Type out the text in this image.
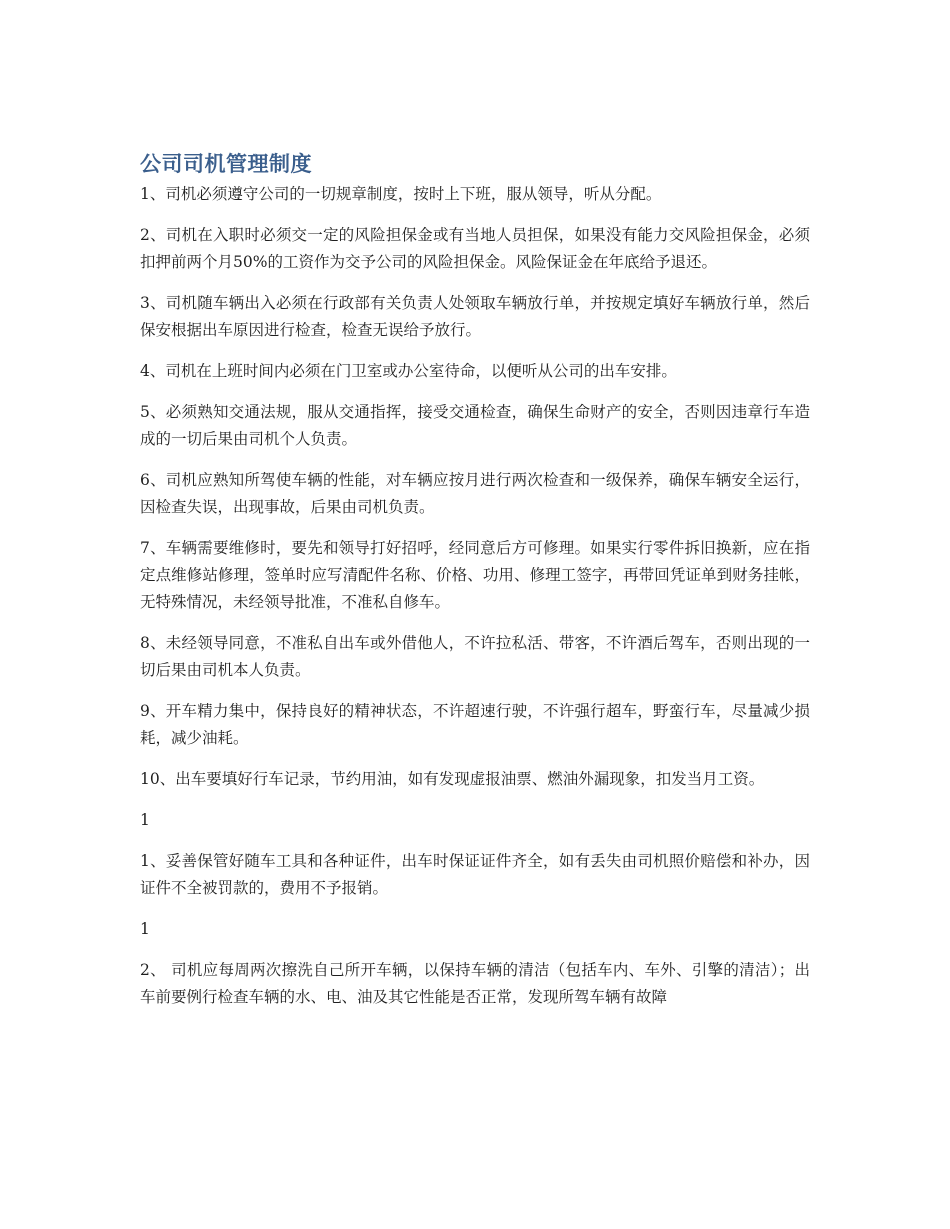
公司司机管理制度

1、司机必须遵守公司的一切规章制度，按时上下班，服从领导，听从分配。

2、司机在入职时必须交一定的风险担保金或有当地人员担保，如果没有能力交风险担保金，必须扣押前两个月50%的工资作为交予公司的风险担保金。风险保证金在年底给予退还。

3、司机随车辆出入必须在行政部有关负责人处领取车辆放行单，并按规定填好车辆放行单，然后保安根据出车原因进行检查，检查无误给予放行。

4、司机在上班时间内必须在门卫室或办公室待命，以便听从公司的出车安排。

5、必须熟知交通法规，服从交通指挥，接受交通检查，确保生命财产的安全，否则因违章行车造成的一切后果由司机个人负责。

6、司机应熟知所驾使车辆的性能，对车辆应按月进行两次检查和一级保养，确保车辆安全运行，因检查失误，出现事故，后果由司机负责。

7、车辆需要维修时，要先和领导打好招呼，经同意后方可修理。如果实行零件拆旧换新，应在指定点维修站修理，签单时应写清配件名称、价格、功用、修理工签字，再带回凭证单到财务挂帐，无特殊情况，未经领导批准，不准私自修车。

8、未经领导同意，不准私自出车或外借他人，不许拉私活、带客，不许酒后驾车，否则出现的一切后果由司机本人负责。

9、开车精力集中，保持良好的精神状态，不许超速行驶，不许强行超车，野蛮行车，尽量减少损耗，减少油耗。

10、出车要填好行车记录，节约用油，如有发现虚报油票、燃油外漏现象，扣发当月工资。

1

1、妥善保管好随车工具和各种证件，出车时保证证件齐全，如有丢失由司机照价赔偿和补办，因证件不全被罚款的，费用不予报销。

1

2、 司机应每周两次擦洗自己所开车辆，以保持车辆的清洁（包括车内、车外、引擎的清洁）；出车前要例行检查车辆的水、电、油及其它性能是否正常，发现所驾车辆有故障
